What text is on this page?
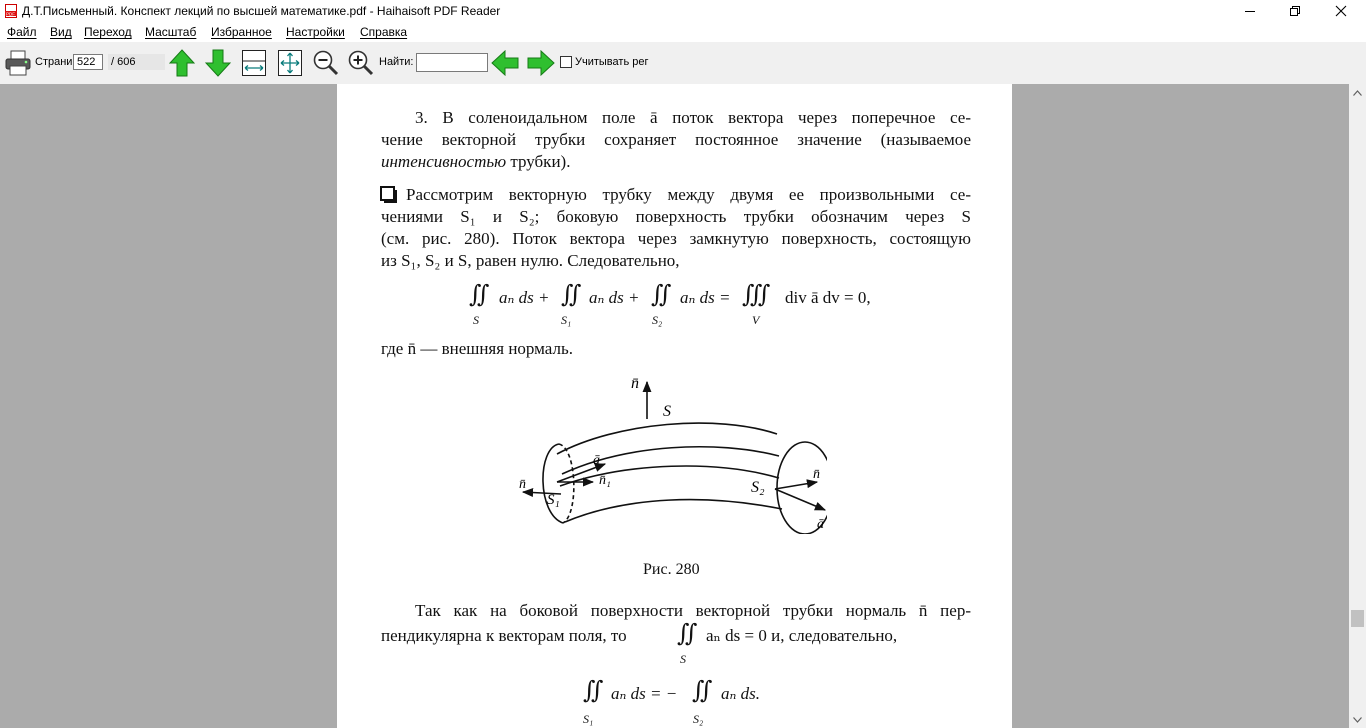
PDF Д.Т.Письменный. Конспект лекций по высшей математике.pdf - Haihaisoft PDF Reader
Файл Вид Переход Масштаб Избранное Настройки Справка
Страни 522	/ 606	Найти:	Учитывать рег
3. В соленоидальном поле ā поток вектора через поперечное се-
чение векторной трубки сохраняет постоянное значение (называемое
интенсивностью трубки).
Рассмотрим векторную трубку между двумя ее произвольными се-
чениями S₁ и S₂; боковую поверхность трубки обозначим через S
(см. рис. 280). Поток вектора через замкнутую поверхность, состоящую
из S₁, S₂ и S, равен нулю. Следовательно,
∬ aₙ ds + ∬ aₙ ds + ∬ aₙ ds = ∭ div ā dv = 0,
S	S₁	S₂	V
где n̄ — внешняя нормаль.
n̄
S
ā
n̄	n̄₁
S₁
S₂
n̄
ā
Рис. 280
Так как на боковой поверхности векторной трубки нормаль n̄ пер-
пендикулярна к векторам поля, то ∬
S
aₙ ds = 0 и, следовательно,
∬ aₙ ds = − ∬ aₙ ds.
S₁	S₂
